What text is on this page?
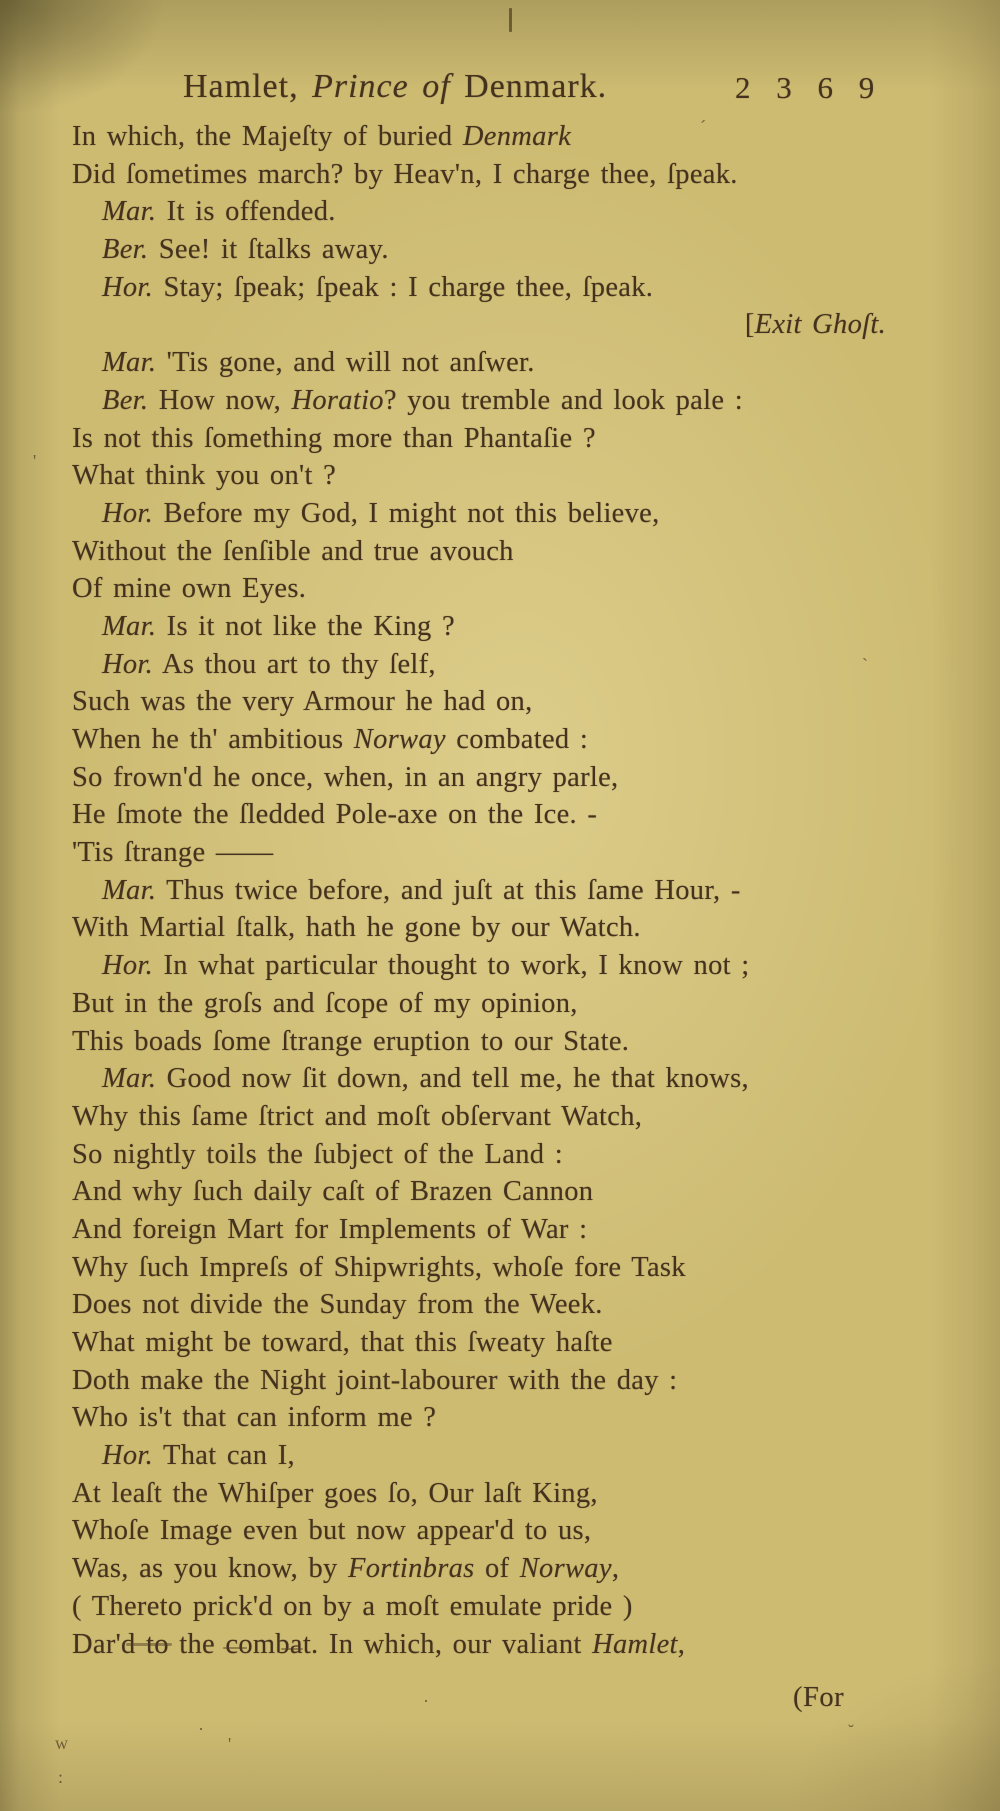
Hamlet, Prince of Denmark.	2 3 6 9
In which, the Majeſty of buried Denmark
Did ſometimes march? by Heav'n, I charge thee, ſpeak.
Mar. It is offended.
Ber. See! it ſtalks away.
Hor. Stay; ſpeak; ſpeak : I charge thee, ſpeak.
[Exit Ghoſt.
Mar. 'Tis gone, and will not anſwer.
Ber. How now, Horatio? you tremble and look pale :
Is not this ſomething more than Phantaſie ?
What think you on't ?
Hor. Before my God, I might not this believe,
Without the ſenſible and true avouch
Of mine own Eyes.
Mar. Is it not like the King ?
Hor. As thou art to thy ſelf,
Such was the very Armour he had on,
When he th' ambitious Norway combated :
So frown'd he once, when, in an angry parle,
He ſmote the ſledded Pole-axe on the Ice. -
'Tis ſtrange ——
Mar. Thus twice before, and juſt at this ſame Hour, -
With Martial ſtalk, hath he gone by our Watch.
Hor. In what particular thought to work, I know not ;
But in the groſs and ſcope of my opinion,
This boads ſome ſtrange eruption to our State.
Mar. Good now ſit down, and tell me, he that knows,
Why this ſame ſtrict and moſt obſervant Watch,
So nightly toils the ſubject of the Land :
And why ſuch daily caſt of Brazen Cannon
And foreign Mart for Implements of War :
Why ſuch Impreſs of Shipwrights, whoſe fore Task
Does not divide the Sunday from the Week.
What might be toward, that this ſweaty haſte
Doth make the Night joint-labourer with the day :
Who is't that can inform me ?
Hor. That can I,
At leaſt the Whiſper goes ſo, Our laſt King,
Whoſe Image even but now appear'd to us,
Was, as you know, by Fortinbras of Norway,
( Thereto prick'd on by a moſt emulate pride )
Dar'd to the combat. In which, our valiant Hamlet,
(For
ˊ
'
`
˘
·
·
'
w
:
